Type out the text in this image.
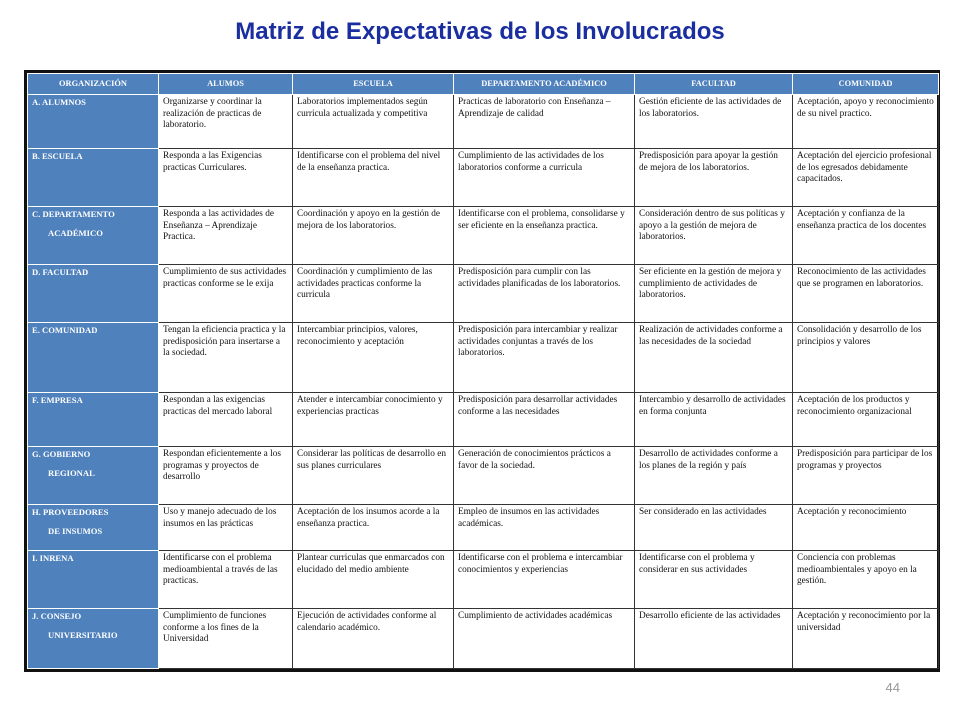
Matriz de Expectativas de los Involucrados
ORGANIZACIÓN	ALUMOS	ESCUELA	DEPARTAMENTO ACADÉMICO	FACULTAD	COMUNIDAD

A. ALUMNOS	Organizarse y coordinar la realización de practicas de laboratorio.	Laboratorios implementados según curricula actualizada y competitiva	Practicas de laboratorio con Enseñanza – Aprendizaje de calidad	Gestión eficiente de las actividades de los laboratorios.	Aceptación, apoyo y reconocimiento de su nivel practico.

B. ESCUELA	Responda a las Exigencias practicas Curriculares.	Identificarse con el problema del nivel de la enseñanza practica.	Cumplimiento de las actividades de los laboratorios conforme a curricula	Predisposición para apoyar la gestión de mejora de los laboratorios.	Aceptación del ejercicio profesional de los egresados debidamente capacitados.

C. DEPARTAMENTO
ACADÉMICO	Responda a las actividades de Enseñanza – Aprendizaje Practica.	Coordinación y apoyo en la gestión de mejora de los laboratorios.	Identificarse con el problema, consolidarse y ser eficiente en la enseñanza practica.	Consideración dentro de sus políticas y apoyo a la gestión de mejora de laboratorios.	Aceptación y confianza de la enseñanza practica de los docentes

D. FACULTAD	Cumplimiento de sus actividades practicas conforme se le exija	Coordinación y cumplimiento de las actividades practicas conforme la curricula	Predisposición para cumplir con las actividades planificadas de los laboratorios.	Ser eficiente en la gestión de mejora y cumplimiento de actividades de laboratorios.	Reconocimiento de las actividades que se programen en laboratorios.

E. COMUNIDAD	Tengan la eficiencia practica y la predisposición para insertarse a la sociedad.	Intercambiar principios, valores, reconocimiento y aceptación	Predisposición para intercambiar y realizar actividades conjuntas a través de los laboratorios.	Realización de actividades conforme a las necesidades de la sociedad	Consolidación y desarrollo de los principios y valores

F. EMPRESA	Respondan a las exigencias practicas del mercado laboral	Atender e intercambiar conocimiento y experiencias practicas	Predisposición para desarrollar actividades conforme a las necesidades	Intercambio y desarrollo de actividades en forma conjunta	Aceptación de los productos y reconocimiento organizacional

G. GOBIERNO
REGIONAL	Respondan eficientemente a los programas y proyectos de desarrollo	Considerar las políticas de desarrollo en sus planes curriculares	Generación de conocimientos prácticos a favor de la sociedad.	Desarrollo de actividades conforme a los planes de la región y país	Predisposición para participar de los programas y proyectos

H. PROVEEDORES
DE INSUMOS	Uso y manejo adecuado de los insumos en las prácticas	Aceptación de los insumos acorde a la enseñanza practica.	Empleo de insumos en las actividades académicas.	Ser considerado en las actividades	Aceptación y reconocimiento

I. INRENA	Identificarse con el problema medioambiental a través de las practicas.	Plantear curriculas que enmarcados con elucidado del medio ambiente	Identificarse con el problema e intercambiar conocimientos y experiencias	Identificarse con el problema y considerar en sus actividades	Conciencia con problemas medioambientales y apoyo en la gestión.

J. CONSEJO
UNIVERSITARIO	Cumplimiento de funciones conforme a los fines de la Universidad	Ejecución de actividades conforme al calendario académico.	Cumplimiento de actividades académicas	Desarrollo eficiente de las actividades	Aceptación y reconocimiento por la universidad
44
